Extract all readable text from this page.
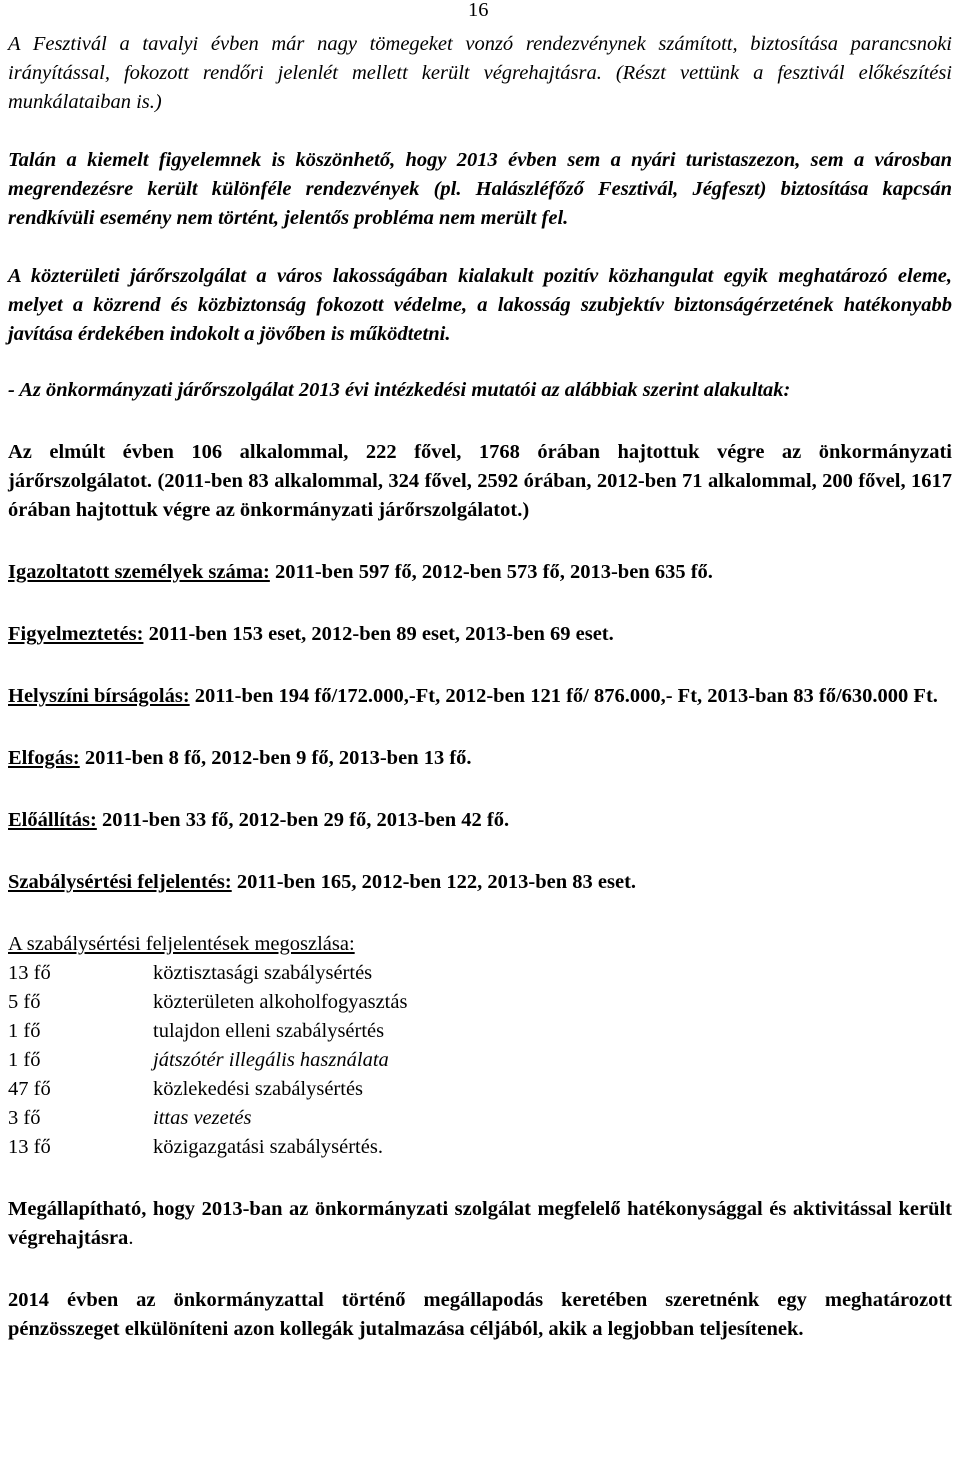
16

A Fesztivál a tavalyi évben már nagy tömegeket vonzó rendezvénynek számított, biztosítása parancsnoki irányítással, fokozott rendőri jelenlét mellett került végrehajtásra. (Részt vettünk a fesztivál előkészítési munkálataiban is.)

Talán a kiemelt figyelemnek is köszönhető, hogy 2013 évben sem a nyári turistaszezon, sem a városban megrendezésre került különféle rendezvények (pl. Halászléfőző Fesztivál, Jégfeszt) biztosítása kapcsán rendkívüli esemény nem történt, jelentős probléma nem merült fel.

A közterületi járőrszolgálat a város lakosságában kialakult pozitív közhangulat egyik meghatározó eleme, melyet a közrend és közbiztonság fokozott védelme, a lakosság szubjektív biztonságérzetének hatékonyabb javítása érdekében indokolt a jövőben is működtetni.

- Az önkormányzati járőrszolgálat 2013 évi intézkedési mutatói az alábbiak szerint alakultak:

Az elmúlt évben 106 alkalommal, 222 fővel, 1768 órában hajtottuk végre az önkormányzati járőrszolgálatot. (2011-ben 83 alkalommal, 324 fővel, 2592 órában, 2012-ben 71 alkalommal, 200 fővel, 1617 órában hajtottuk végre az önkormányzati járőrszolgálatot.)

Igazoltatott személyek száma: 2011-ben 597 fő, 2012-ben 573 fő, 2013-ben 635 fő.

Figyelmeztetés: 2011-ben 153 eset, 2012-ben 89 eset, 2013-ben 69 eset.

Helyszíni bírságolás: 2011-ben 194 fő/172.000,-Ft, 2012-ben 121 fő/ 876.000,- Ft, 2013-ban 83 fő/630.000 Ft.

Elfogás: 2011-ben 8 fő, 2012-ben 9 fő, 2013-ben 13 fő.

Előállítás: 2011-ben 33 fő, 2012-ben 29 fő, 2013-ben 42 fő.

Szabálysértési feljelentés: 2011-ben 165, 2012-ben 122, 2013-ben 83 eset.

A szabálysértési feljelentések megoszlása:
13 fő	köztisztasági szabálysértés
5 fő	közterületen alkoholfogyasztás
1 fő	tulajdon elleni szabálysértés
1 fő	játszótér illegális használata
47 fő	közlekedési szabálysértés
3 fő	ittas vezetés
13 fő	közigazgatási szabálysértés.

Megállapítható, hogy 2013-ban az önkormányzati szolgálat megfelelő hatékonysággal és aktivitással került végrehajtásra.

2014 évben az önkormányzattal történő megállapodás keretében szeretnénk egy meghatározott pénzösszeget elkülöníteni azon kollegák jutalmazása céljából, akik a legjobban teljesítenek.
